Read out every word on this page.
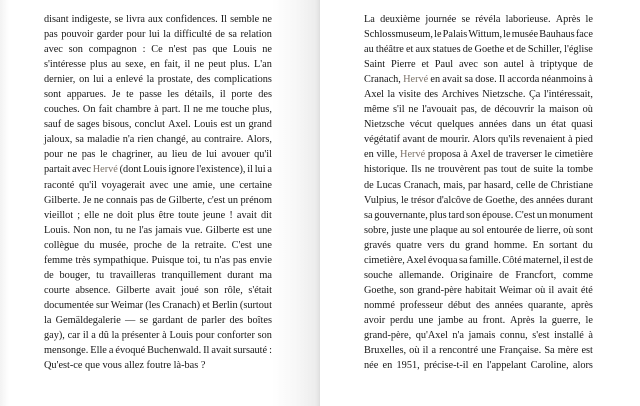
disant indigeste, se livra aux confidences. Il semble ne
pas pouvoir garder pour lui la difficulté de sa relation
avec son compagnon : Ce n'est pas que Louis ne
s'intéresse plus au sexe, en fait, il ne peut plus. L'an
dernier, on lui a enlevé la prostate, des complications
sont apparues. Je te passe les détails, il porte des
couches. On fait chambre à part. Il ne me touche plus,
sauf de sages bisous, conclut Axel. Louis est un grand
jaloux, sa maladie n'a rien changé, au contraire. Alors,
pour ne pas le chagriner, au lieu de lui avouer qu'il
partait avec Hervé (dont Louis ignore l'existence), il lui a
raconté qu'il voyagerait avec une amie, une certaine
Gilberte. Je ne connais pas de Gilberte, c'est un prénom
vieillot ; elle ne doit plus être toute jeune ! avait dit
Louis. Non non, tu ne l'as jamais vue. Gilberte est une
collègue du musée, proche de la retraite. C'est une
femme très sympathique. Puisque toi, tu n'as pas envie
de bouger, tu travailleras tranquillement durant ma
courte absence. Gilberte avait joué son rôle, s'était
documentée sur Weimar (les Cranach) et Berlin (surtout
la Gemäldegalerie — se gardant de parler des boîtes
gay), car il a dû la présenter à Louis pour conforter son
mensonge. Elle a évoqué Buchenwald. Il avait sursauté :
Qu'est-ce que vous allez foutre là-bas ?
La deuxième journée se révéla laborieuse. Après le
Schlossmuseum, le Palais Wittum, le musée Bauhaus face
au théâtre et aux statues de Goethe et de Schiller, l'église
Saint Pierre et Paul avec son autel à triptyque de
Cranach, Hervé en avait sa dose. Il accorda néanmoins à
Axel la visite des Archives Nietzsche. Ça l'intéressait,
même s'il ne l'avouait pas, de découvrir la maison où
Nietzsche vécut quelques années dans un état quasi
végétatif avant de mourir. Alors qu'ils revenaient à pied
en ville, Hervé proposa à Axel de traverser le cimetière
historique. Ils ne trouvèrent pas tout de suite la tombe
de Lucas Cranach, mais, par hasard, celle de Christiane
Vulpius, le trésor d'alcôve de Goethe, des années durant
sa gouvernante, plus tard son épouse. C'est un monument
sobre, juste une plaque au sol entourée de lierre, où sont
gravés quatre vers du grand homme. En sortant du
cimetière, Axel évoqua sa famille. Côté maternel, il est de
souche allemande. Originaire de Francfort, comme
Goethe, son grand-père habitait Weimar où il avait été
nommé professeur début des années quarante, après
avoir perdu une jambe au front. Après la guerre, le
grand-père, qu'Axel n'a jamais connu, s'est installé à
Bruxelles, où il a rencontré une Française. Sa mère est
née en 1951, précise-t-il en l'appelant Caroline, alors
